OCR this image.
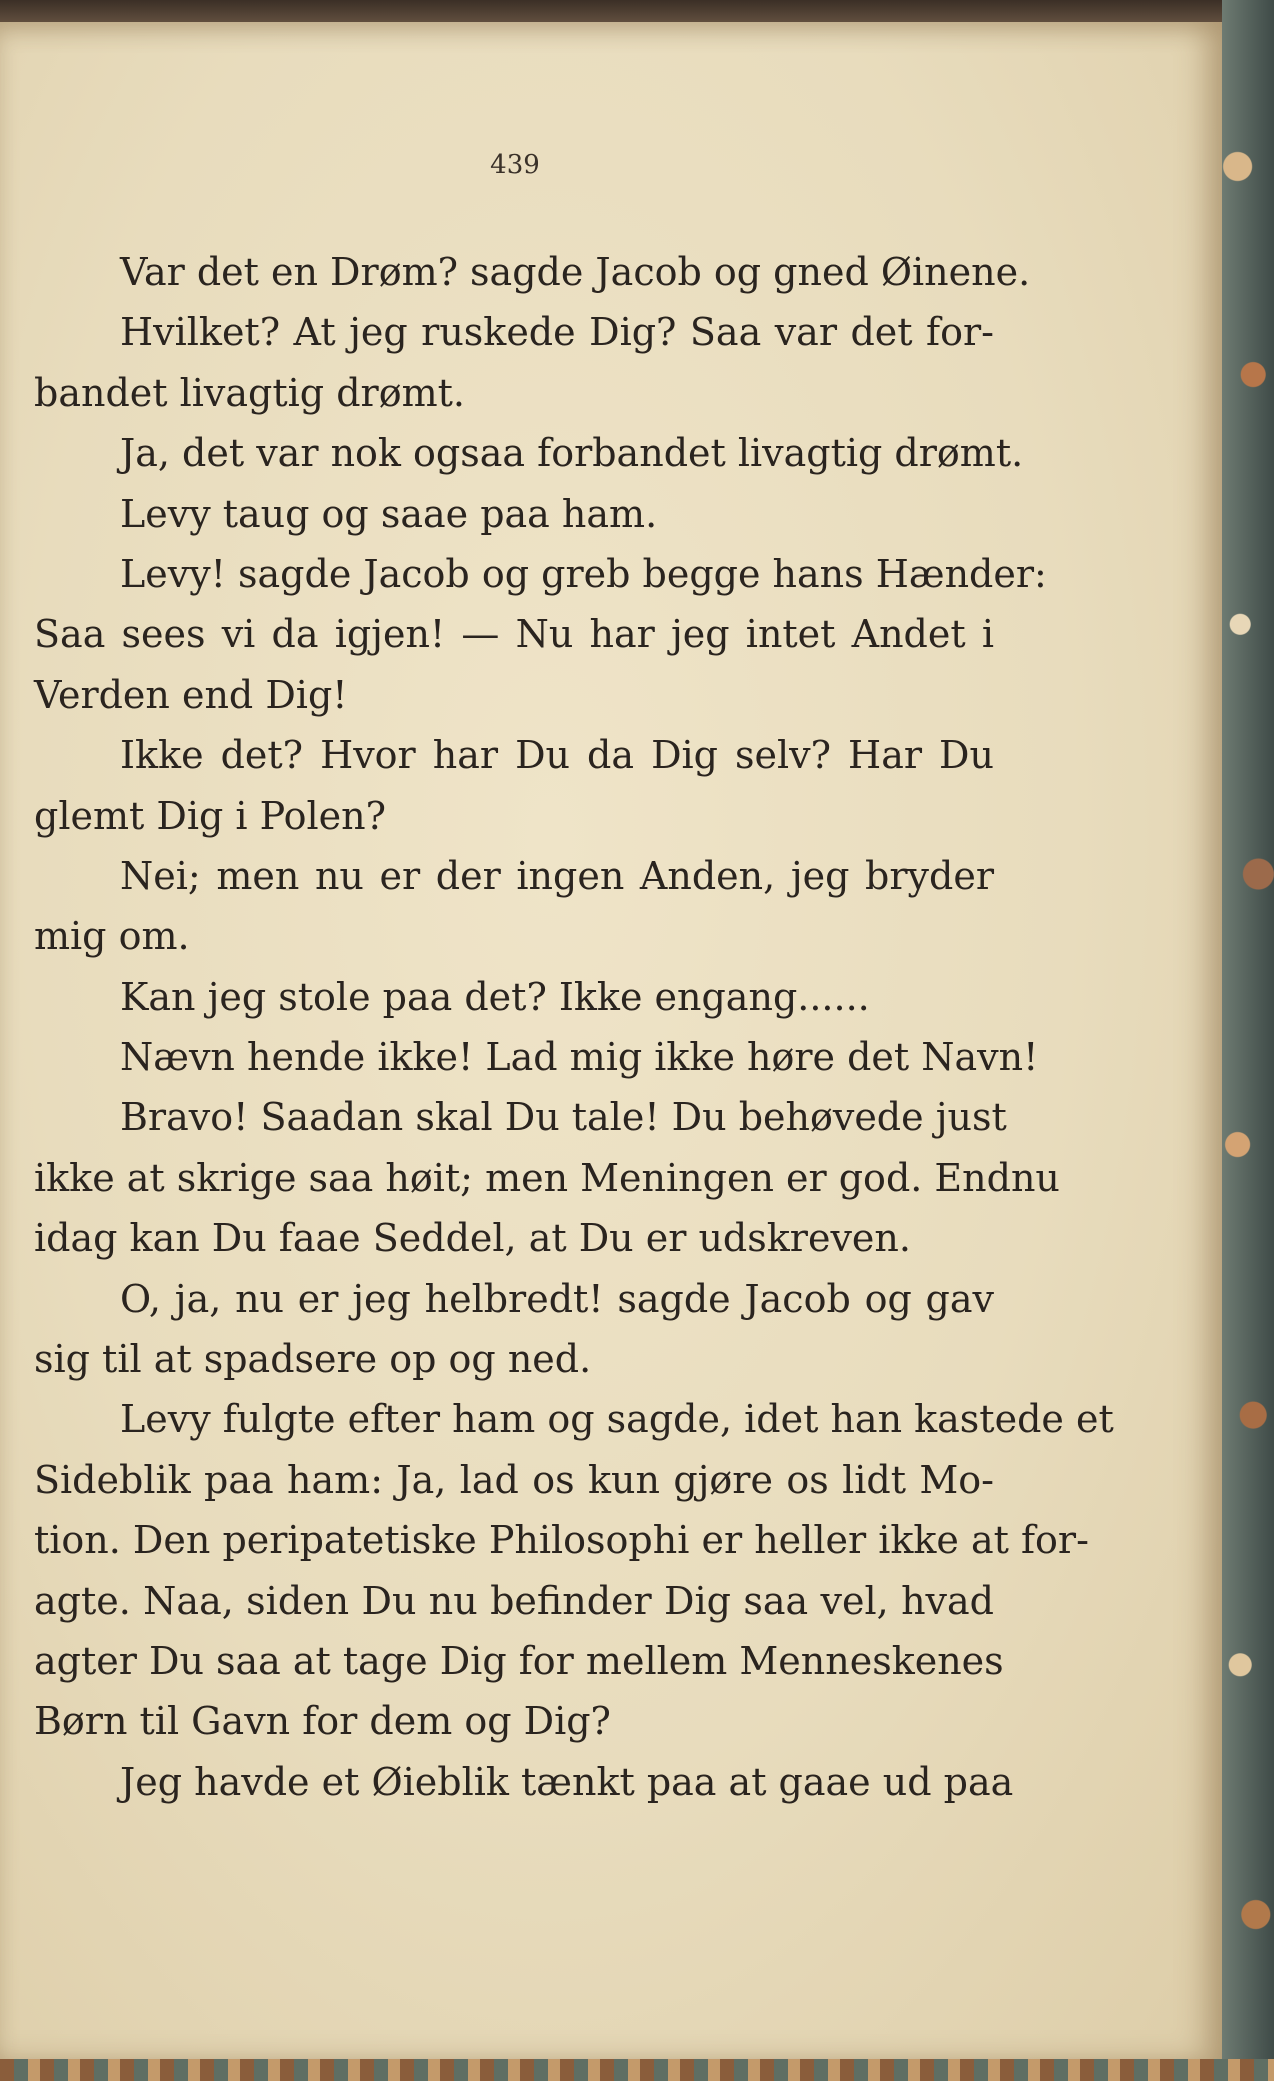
439
Var det en Drøm? sagde Jacob og gned Øinene.
Hvilket? At jeg ruskede Dig? Saa var det for-
bandet livagtig drømt.
Ja, det var nok ogsaa forbandet livagtig drømt.
Levy taug og saae paa ham.
Levy! sagde Jacob og greb begge hans Hænder:
Saa sees vi da igjen! — Nu har jeg intet Andet i
Verden end Dig!
Ikke det? Hvor har Du da Dig selv? Har Du
glemt Dig i Polen?
Nei; men nu er der ingen Anden, jeg bryder
mig om.
Kan jeg stole paa det? Ikke engang......
Nævn hende ikke! Lad mig ikke høre det Navn!
Bravo! Saadan skal Du tale! Du behøvede just
ikke at skrige saa høit; men Meningen er god. Endnu
idag kan Du faae Seddel, at Du er udskreven.
O, ja, nu er jeg helbredt! sagde Jacob og gav
sig til at spadsere op og ned.
Levy fulgte efter ham og sagde, idet han kastede et
Sideblik paa ham: Ja, lad os kun gjøre os lidt Mo-
tion. Den peripatetiske Philosophi er heller ikke at for-
agte. Naa, siden Du nu befinder Dig saa vel, hvad
agter Du saa at tage Dig for mellem Menneskenes
Børn til Gavn for dem og Dig?
Jeg havde et Øieblik tænkt paa at gaae ud paa
